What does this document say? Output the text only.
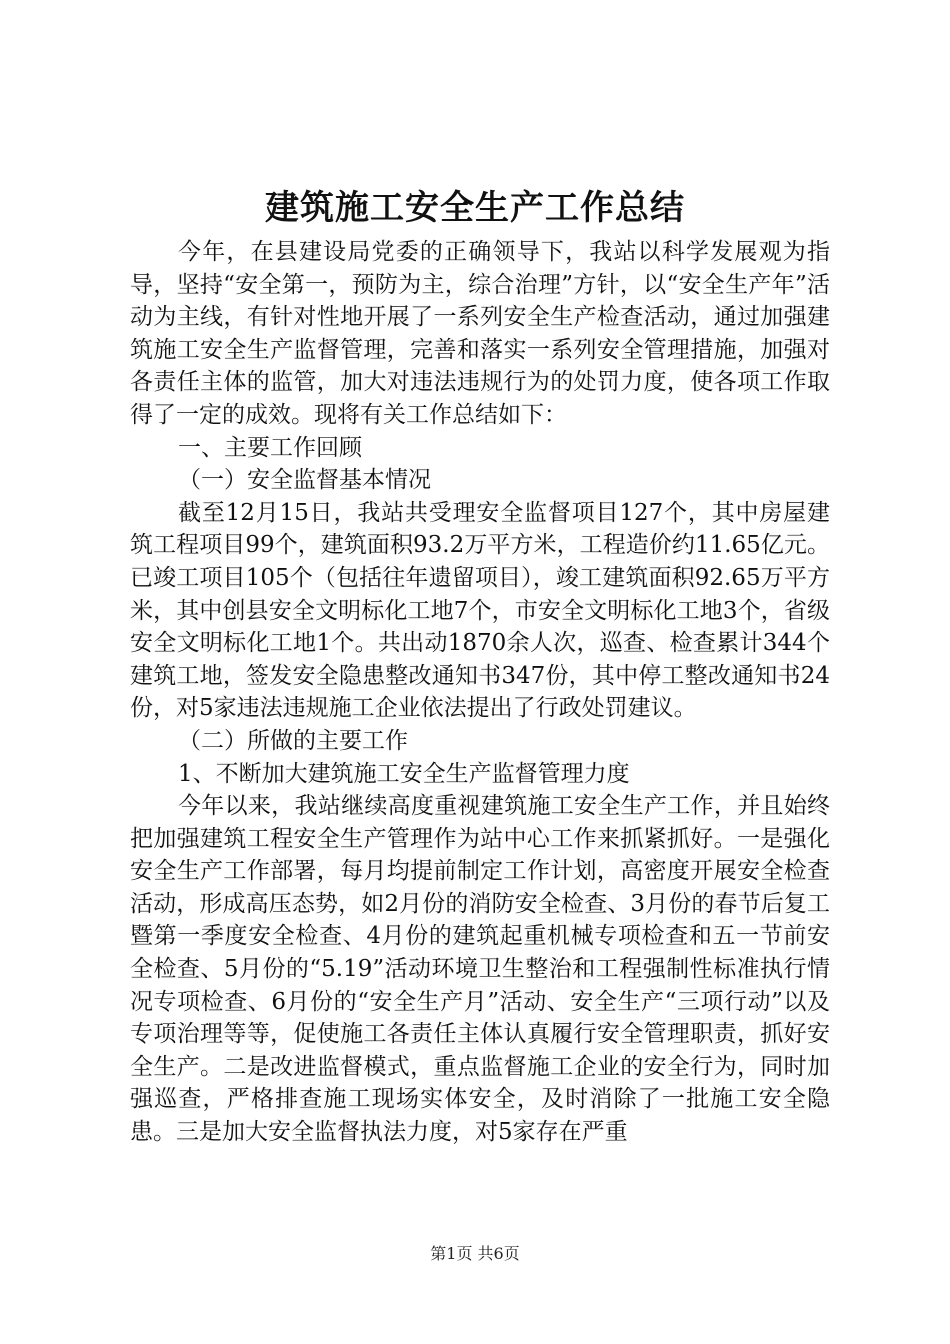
建筑施工安全生产工作总结

今年，在县建设局党委的正确领导下，我站以科学发展观为指导，坚持“安全第一，预防为主，综合治理”方针，以“安全生产年”活动为主线，有针对性地开展了一系列安全生产检查活动，通过加强建筑施工安全生产监督管理，完善和落实一系列安全管理措施，加强对各责任主体的监管，加大对违法违规行为的处罚力度，使各项工作取得了一定的成效。现将有关工作总结如下：

一、主要工作回顾

（一）安全监督基本情况

截至12月15日，我站共受理安全监督项目127个，其中房屋建筑工程项目99个，建筑面积93.2万平方米，工程造价约11.65亿元。已竣工项目105个（包括往年遗留项目），竣工建筑面积92.65万平方米，其中创县安全文明标化工地7个，市安全文明标化工地3个，省级安全文明标化工地1个。共出动1870余人次，巡查、检查累计344个建筑工地，签发安全隐患整改通知书347份，其中停工整改通知书24份，对5家违法违规施工企业依法提出了行政处罚建议。

（二）所做的主要工作

1、不断加大建筑施工安全生产监督管理力度

今年以来，我站继续高度重视建筑施工安全生产工作，并且始终把加强建筑工程安全生产管理作为站中心工作来抓紧抓好。一是强化安全生产工作部署，每月均提前制定工作计划，高密度开展安全检查活动，形成高压态势，如2月份的消防安全检查、3月份的春节后复工暨第一季度安全检查、4月份的建筑起重机械专项检查和五一节前安全检查、5月份的“5.19”活动环境卫生整治和工程强制性标准执行情况专项检查、6月份的“安全生产月”活动、安全生产“三项行动”以及专项治理等等，促使施工各责任主体认真履行安全管理职责，抓好安全生产。二是改进监督模式，重点监督施工企业的安全行为，同时加强巡查，严格排查施工现场实体安全，及时消除了一批施工安全隐患。三是加大安全监督执法力度，对5家存在严重

第1页 共6页
